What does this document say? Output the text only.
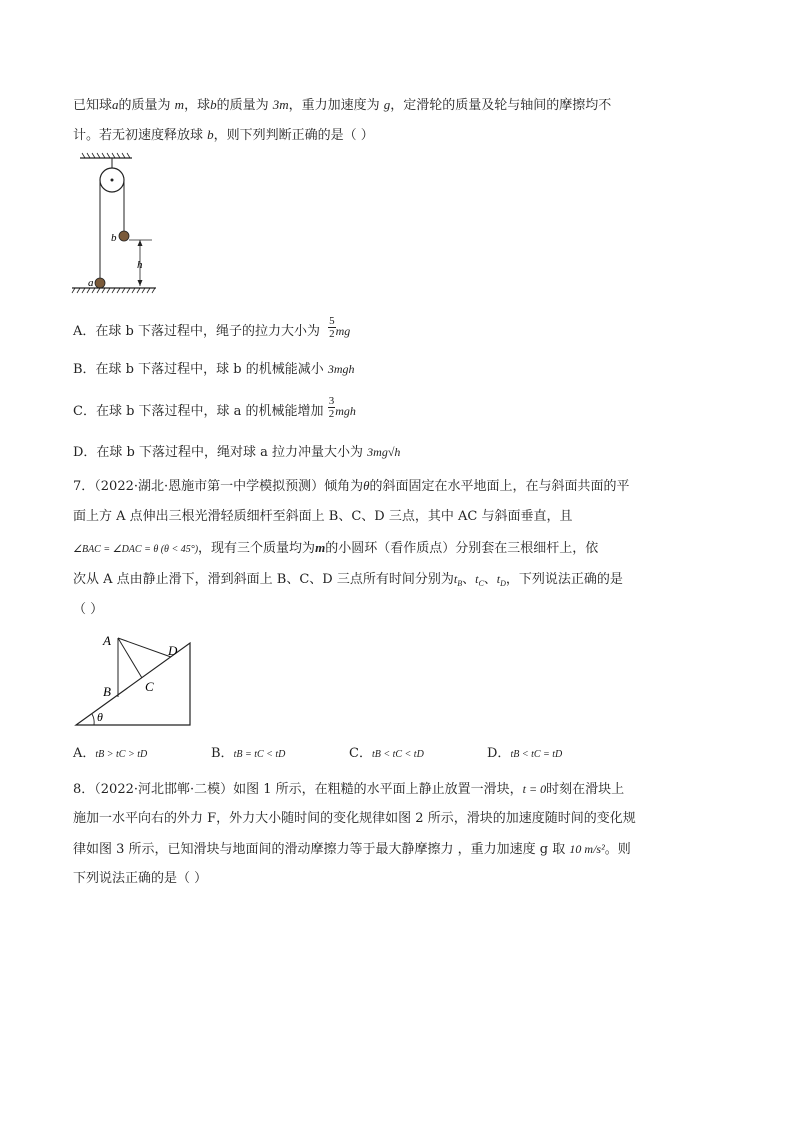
已知球a的质量为 m，球b的质量为 3m，重力加速度为 g，定滑轮的质量及轮与轴间的摩擦均不
计。若无初速度释放球 b，则下列判断正确的是（ ）
h
b
a
A．在球 b 下落过程中，绳子的拉力大小为 $\frac{5}{2}$ mg
B．在球 b 下落过程中，球 b 的机械能减小 3mgh
C．在球 b 下落过程中，球 a 的机械能增加 $\frac{3}{2}$ mgh
D．在球 b 下落过程中，绳对球 a 拉力冲量大小为 3mg√h
7．（2022·湖北·恩施市第一中学模拟预测）倾角为θ的斜面固定在水平地面上，在与斜面共面的平
面上方 A 点伸出三根光滑轻质细杆至斜面上 B、C、D 三点，其中 AC 与斜面垂直，且
∠BAC = ∠DAC = θ (θ < 45°)，现有三个质量均为m的小圆环（看作质点）分别套在三根细杆上，依
次从 A 点由静止滑下，滑到斜面上 B、C、D 三点所有时间分别为$t_B$、$t_C$、$t_D$，下列说法正确的是
（ ）
A
B	C
D
θ
A．tB > tC > tD	B．tB = tC < tD	C．tB < tC < tD	D．tB < tC = tD
8．（2022·河北邯郸·二模）如图 1 所示，在粗糙的水平面上静止放置一滑块，t = 0时刻在滑块上
施加一水平向右的外力 F，外力大小随时间的变化规律如图 2 所示，滑块的加速度随时间的变化规
律如图 3 所示，已知滑块与地面间的滑动摩擦力等于最大静摩擦力 ，重力加速度 g 取 10 m/s²。则
下列说法正确的是（ ）
